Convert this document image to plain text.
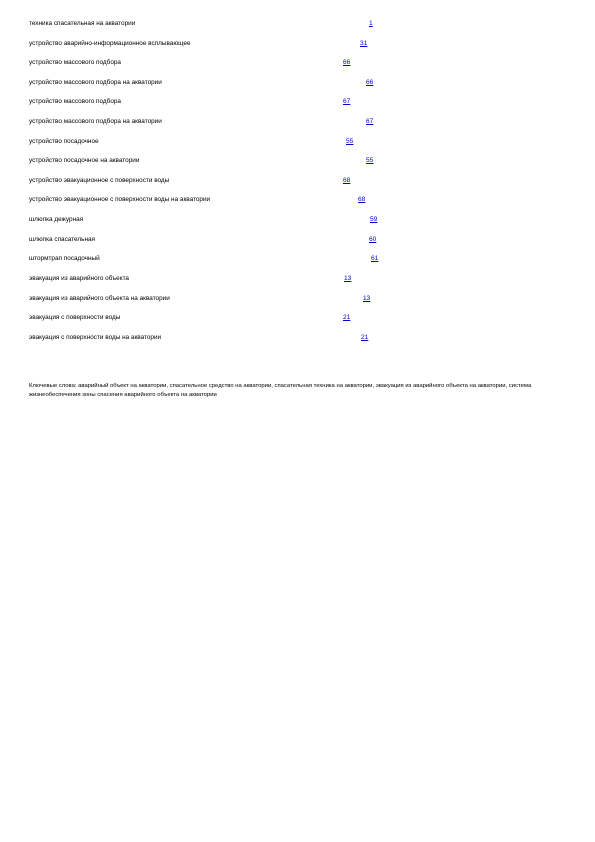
техника спасательная на акватории	1
устройство аварийно-информационное всплывающее	31
устройство массового подбора	66
устройство массового подбора на акватории	66
устройство массового подбора	67
устройство массового подбора на акватории	67
устройство посадочное	55
устройство посадочное на акватории	55
устройство эвакуационное с поверхности воды	68
устройство эвакуационное с поверхности воды на акватории	68
шлюпка дежурная	59
шлюпка спасательная	60
штормтрап посадочный	61
эвакуация из аварийного объекта	13
эвакуация из аварийного объекта на акватории	13
эвакуация с поверхности воды	21
эвакуация с поверхности воды на акватории	21

Ключевые слова: аварийный объект на акватории, спасательное средство на акватории, спасательная техника на акватории, эвакуация из аварийного объекта на акватории, система жизнеобеспечения зоны спасения аварийного объекта на акватории
